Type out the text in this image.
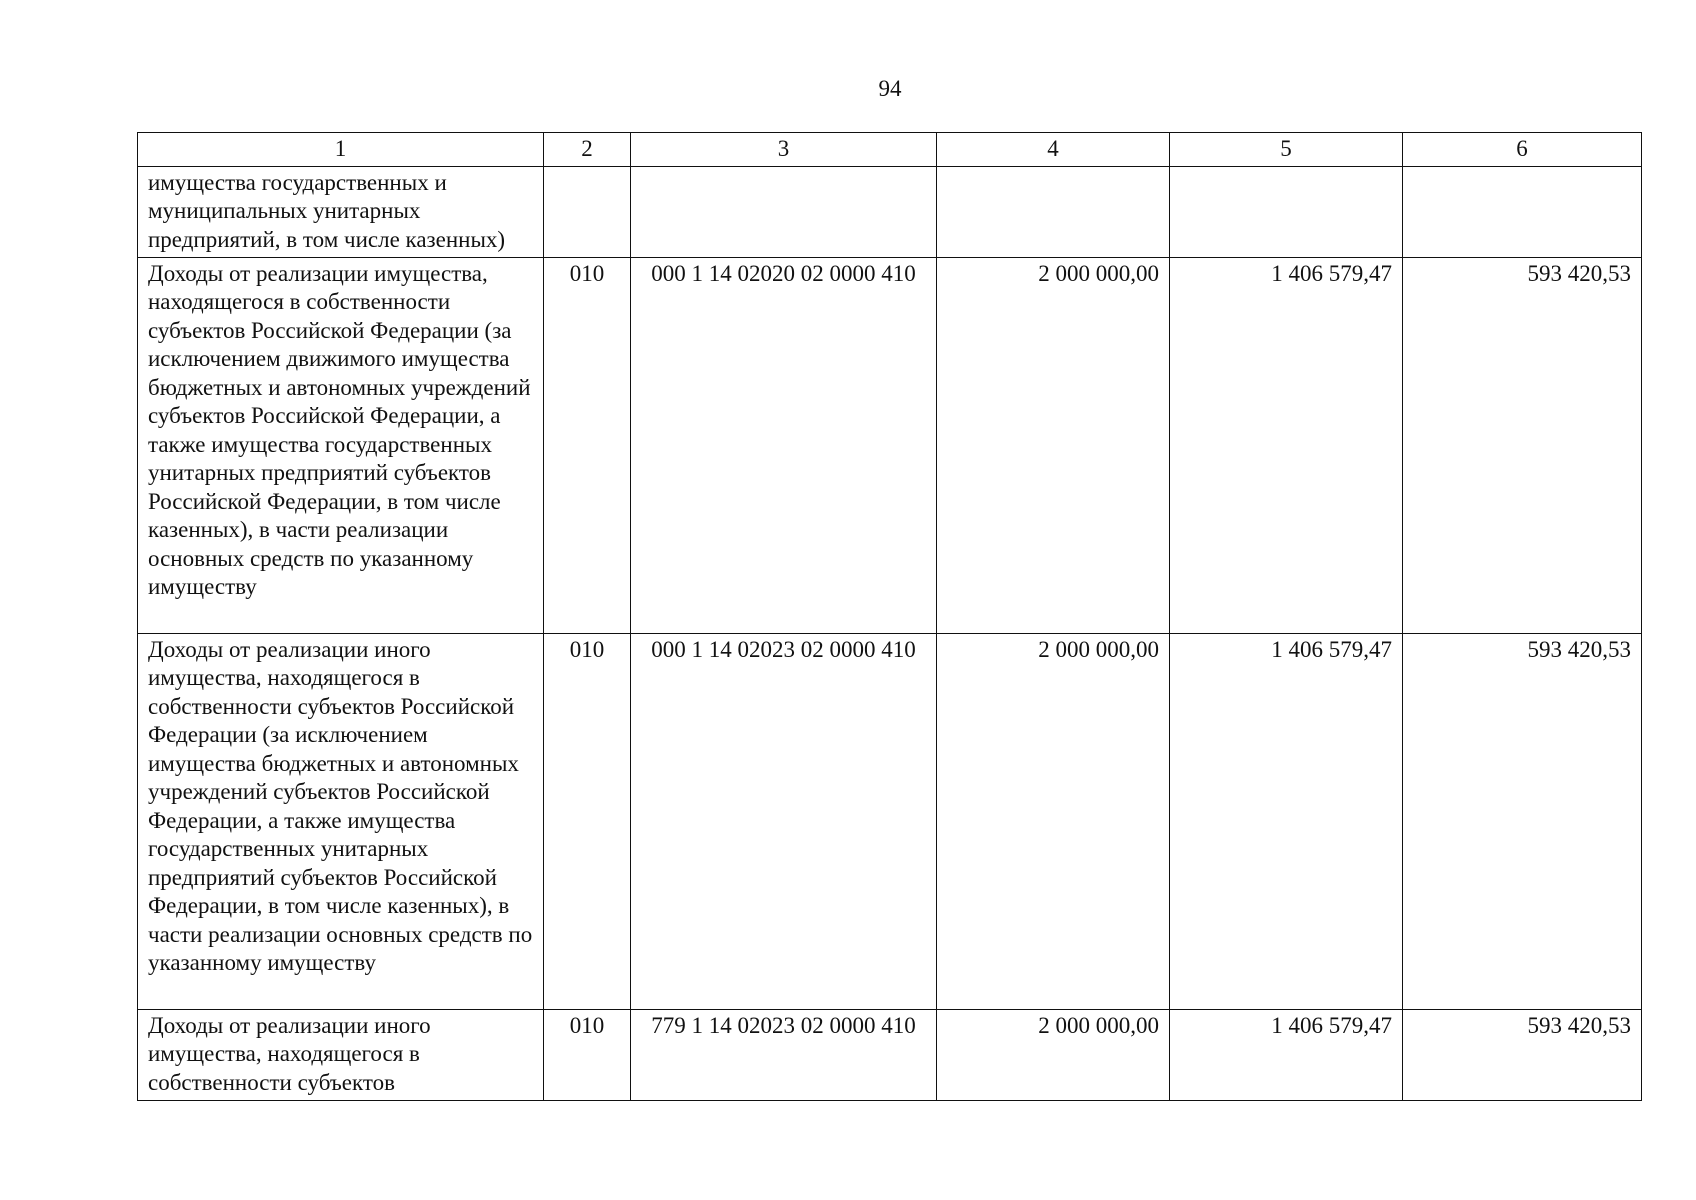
94
1	2	3	4	5	6
имущества государственных и муниципальных унитарных предприятий, в том числе казенных)					
Доходы от реализации имущества, находящегося в собственности субъектов Российской Федерации (за исключением движимого имущества бюджетных и автономных учреждений субъектов Российской Федерации, а также имущества государственных унитарных предприятий субъектов Российской Федерации, в том числе казенных), в части реализации основных средств по указанному имуществу	010	000 1 14 02020 02 0000 410	2 000 000,00	1 406 579,47	593 420,53
Доходы от реализации иного имущества, находящегося в собственности субъектов Российской Федерации (за исключением имущества бюджетных и автономных учреждений субъектов Российской Федерации, а также имущества государственных унитарных предприятий субъектов Российской Федерации, в том числе казенных), в части реализации основных средств по указанному имуществу	010	000 1 14 02023 02 0000 410	2 000 000,00	1 406 579,47	593 420,53
Доходы от реализации иного имущества, находящегося в собственности субъектов	010	779 1 14 02023 02 0000 410	2 000 000,00	1 406 579,47	593 420,53
